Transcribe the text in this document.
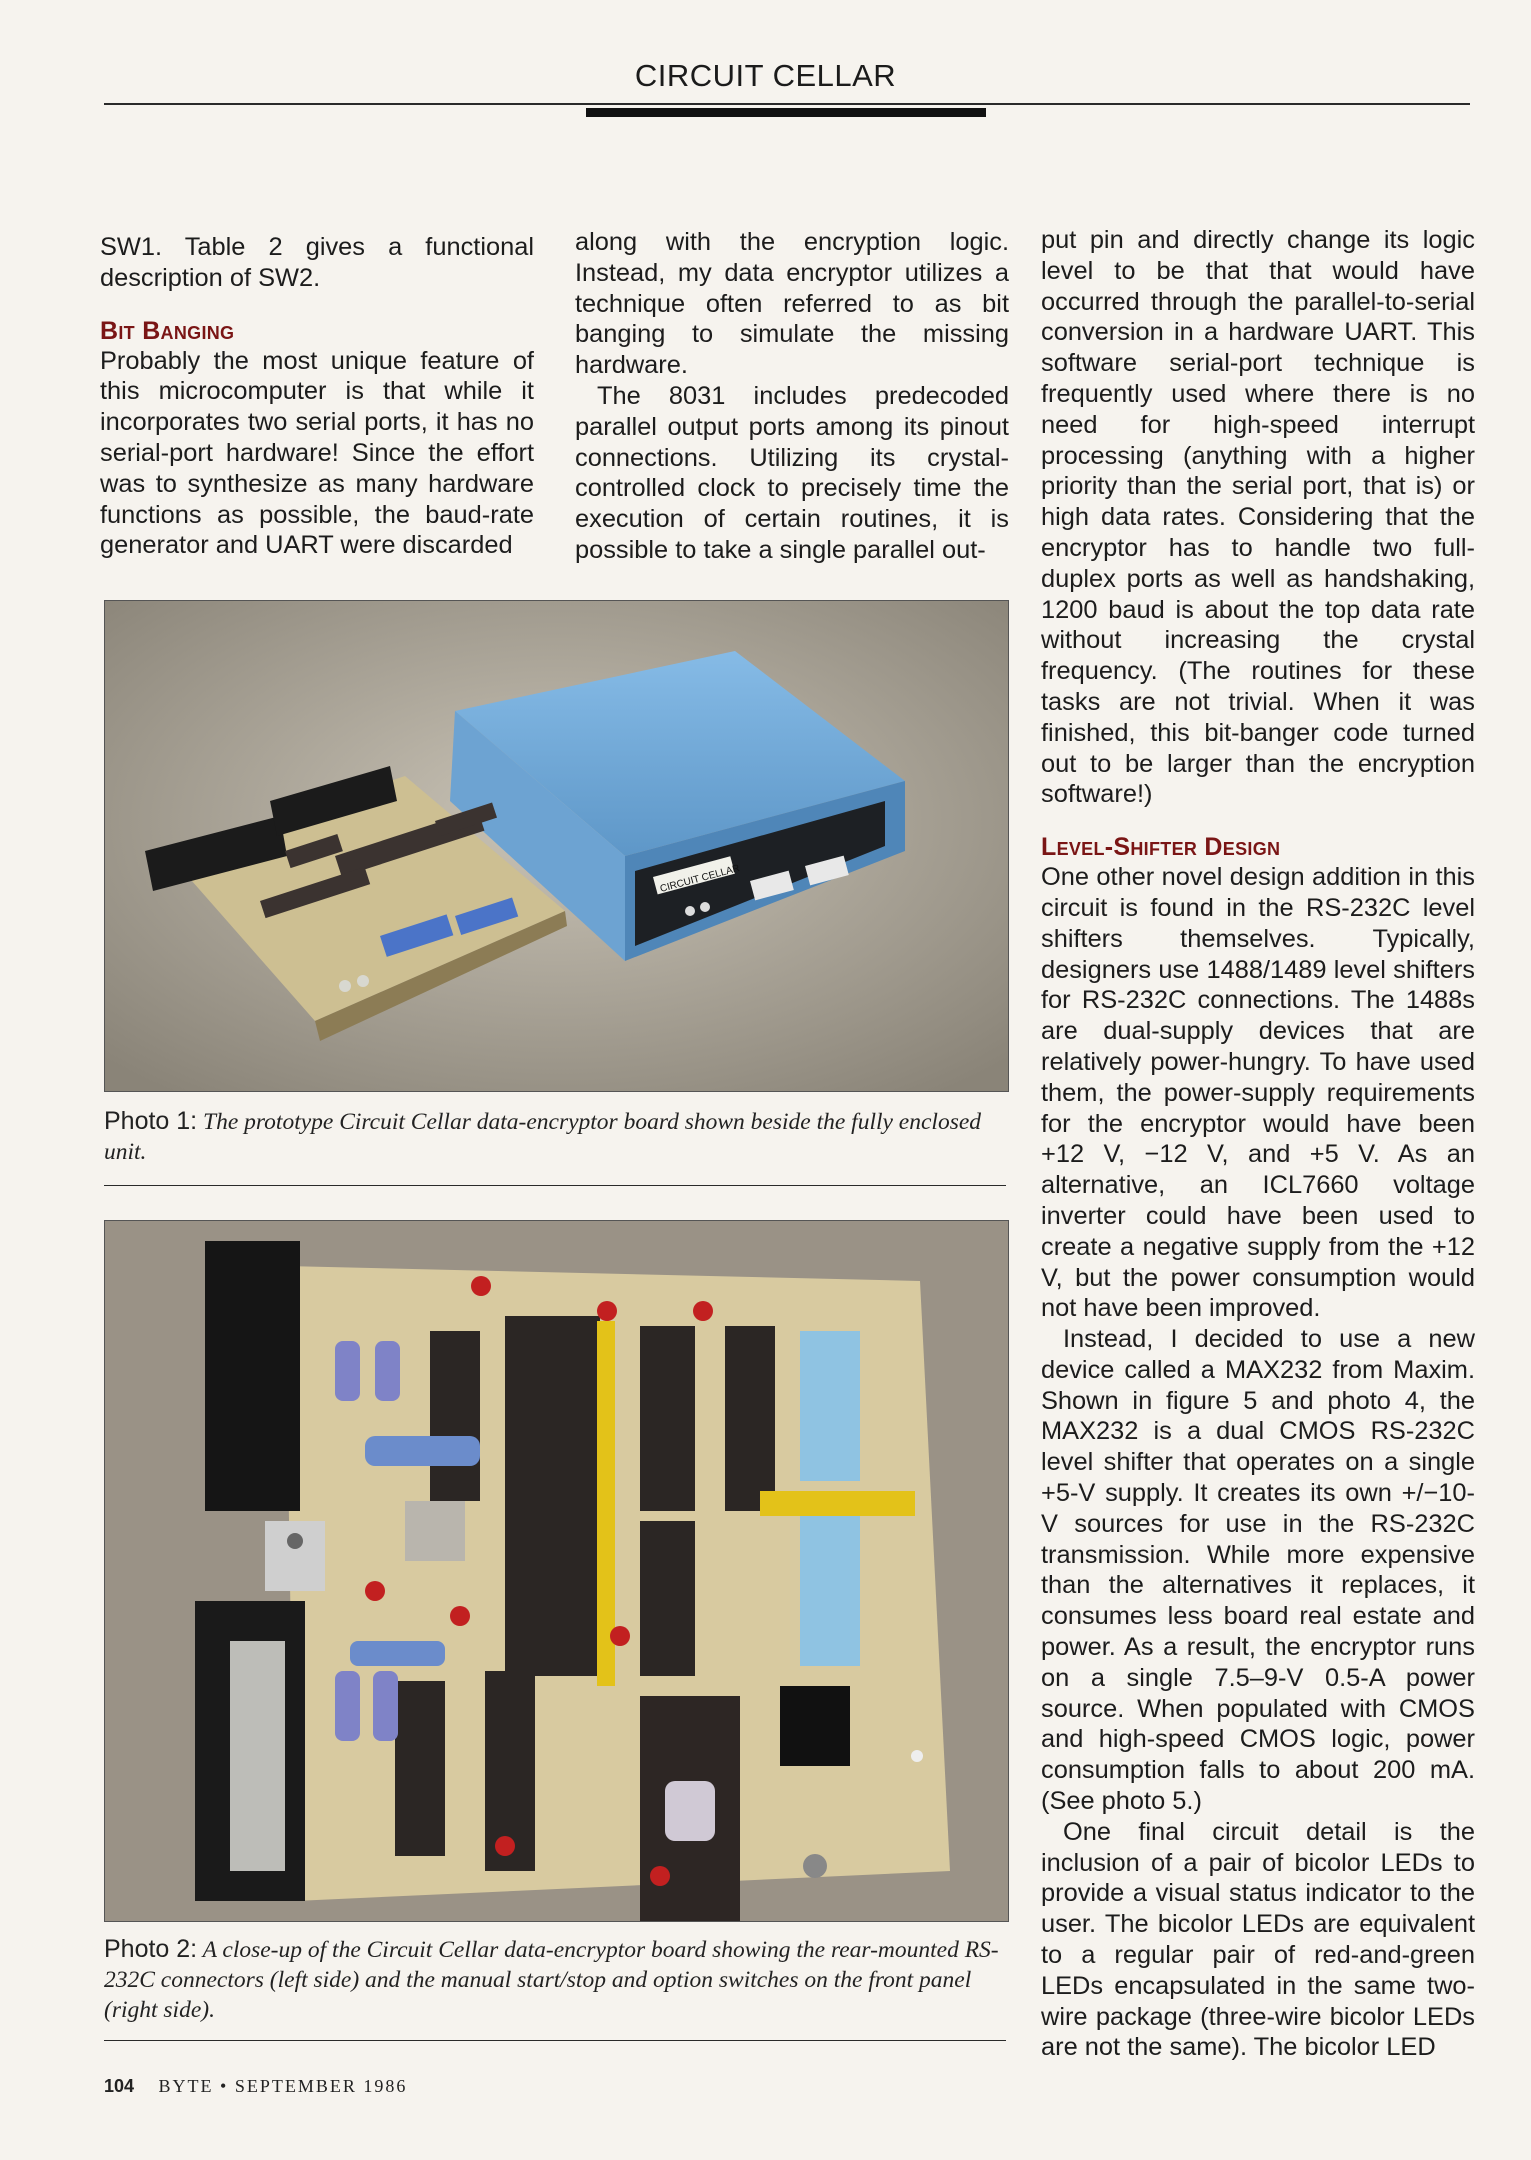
CIRCUIT CELLAR

SW1. Table 2 gives a functional description of SW2.

Bit Banging

Probably the most unique feature of this microcomputer is that while it incorporates two serial ports, it has no serial-port hardware! Since the effort was to synthesize as many hardware functions as possible, the baud-rate generator and UART were discarded

along with the encryption logic. Instead, my data encryptor utilizes a technique often referred to as bit banging to simulate the missing hardware.

The 8031 includes predecoded parallel output ports among its pinout connections. Utilizing its crystal-controlled clock to precisely time the execution of certain routines, it is possible to take a single parallel out-

put pin and directly change its logic level to be that that would have occurred through the parallel-to-serial conversion in a hardware UART. This software serial-port technique is frequently used where there is no need for high-speed interrupt processing (anything with a higher priority than the serial port, that is) or high data rates. Considering that the encryptor has to handle two full-duplex ports as well as handshaking, 1200 baud is about the top data rate without increasing the crystal frequency. (The routines for these tasks are not trivial. When it was finished, this bit-banger code turned out to be larger than the encryption software!)

Level-Shifter Design

One other novel design addition in this circuit is found in the RS-232C level shifters themselves. Typically, designers use 1488/1489 level shifters for RS-232C connections. The 1488s are dual-supply devices that are relatively power-hungry. To have used them, the power-supply requirements for the encryptor would have been +12 V, −12 V, and +5 V. As an alternative, an ICL7660 voltage inverter could have been used to create a negative supply from the +12 V, but the power consumption would not have been improved.

Instead, I decided to use a new device called a MAX232 from Maxim. Shown in figure 5 and photo 4, the MAX232 is a dual CMOS RS-232C level shifter that operates on a single +5-V supply. It creates its own +/−10-V sources for use in the RS-232C transmission. While more expensive than the alternatives it replaces, it consumes less board real estate and power. As a result, the encryptor runs on a single 7.5–9-V 0.5-A power source. When populated with CMOS and high-speed CMOS logic, power consumption falls to about 200 mA. (See photo 5.)

One final circuit detail is the inclusion of a pair of bicolor LEDs to provide a visual status indicator to the user. The bicolor LEDs are equivalent to a regular pair of red-and-green LEDs encapsulated in the same two-wire package (three-wire bicolor LEDs are not the same). The bicolor LED

CIRCUIT CELLAR
Photo 1: The prototype Circuit Cellar data-encryptor board shown beside the fully enclosed unit.
Photo 2: A close-up of the Circuit Cellar data-encryptor board showing the rear-mounted RS-232C connectors (left side) and the manual start/stop and option switches on the front panel (right side).
104 BYTE • SEPTEMBER 1986
